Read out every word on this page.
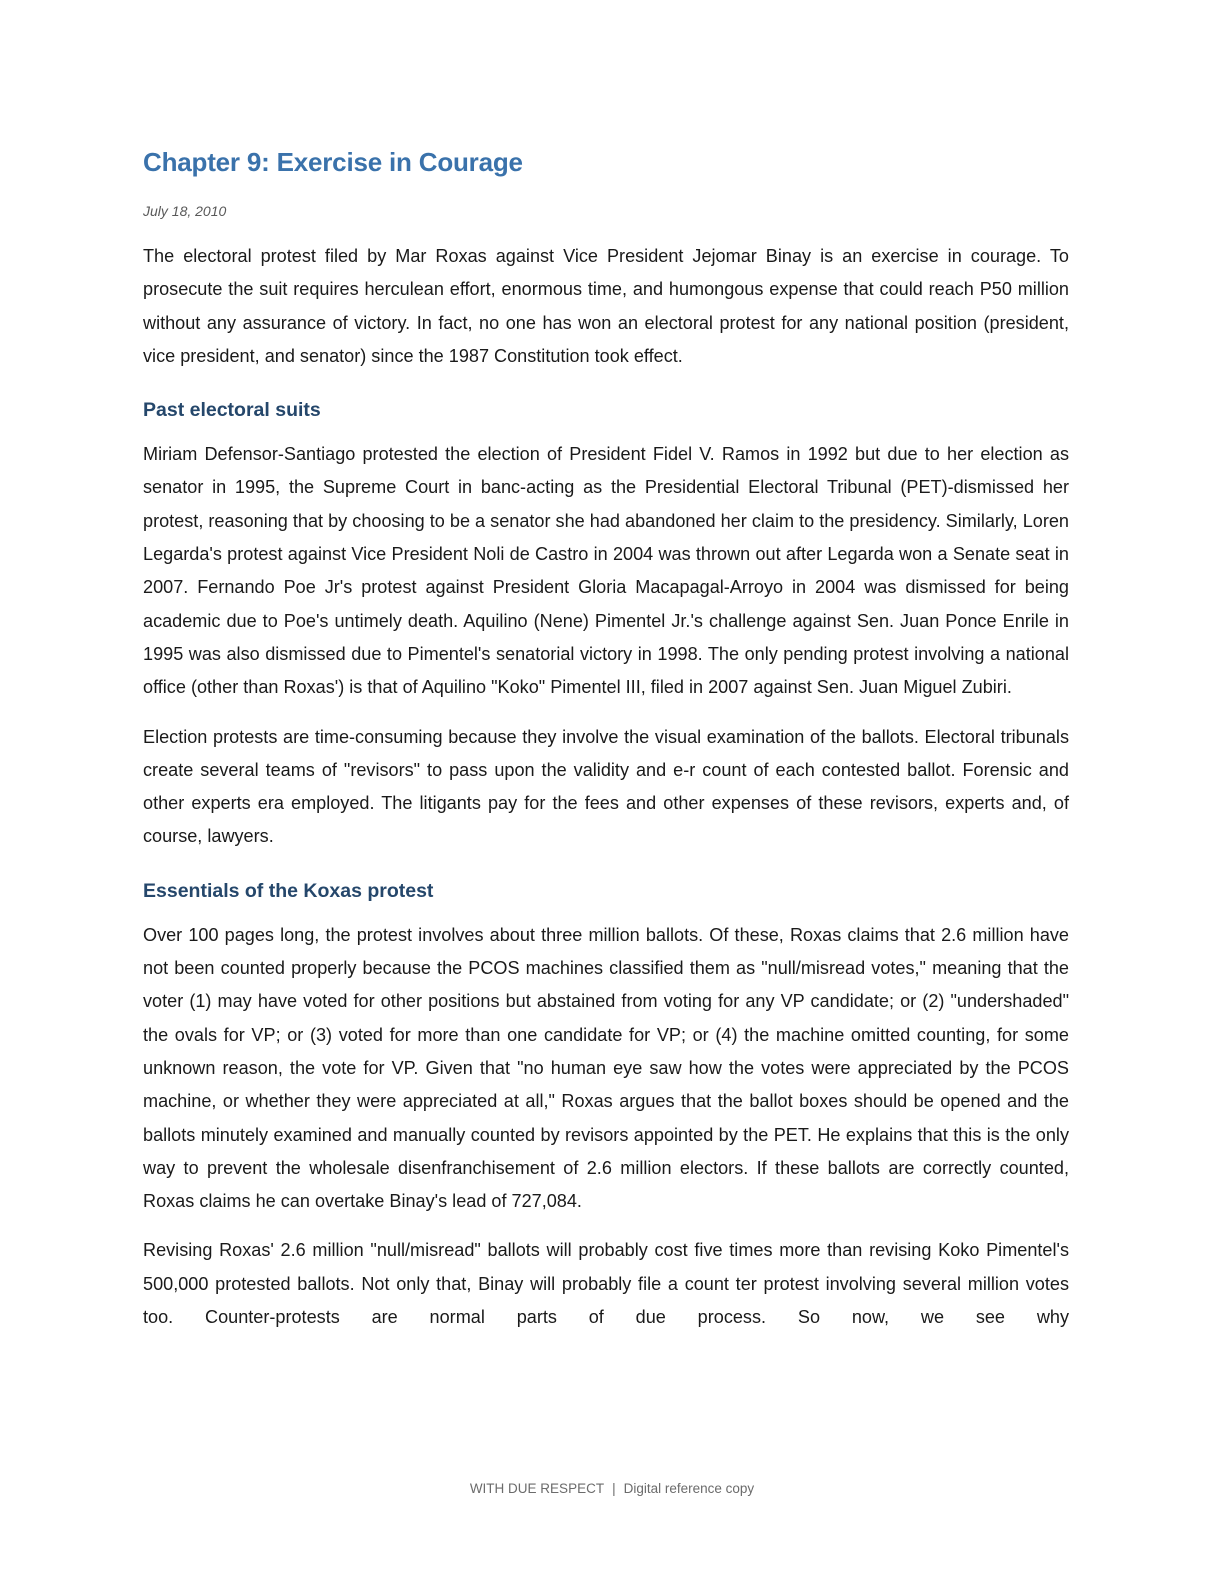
Chapter 9: Exercise in Courage
July 18, 2010

The electoral protest filed by Mar Roxas against Vice President Jejomar Binay is an exercise in courage. To prosecute the suit requires herculean effort, enormous time, and humongous expense that could reach P50 million without any assurance of victory. In fact, no one has won an electoral protest for any national position (president, vice president, and senator) since the 1987 Constitution took effect.

Past electoral suits

Miriam Defensor-Santiago protested the election of President Fidel V. Ramos in 1992 but due to her election as senator in 1995, the Supreme Court in banc-acting as the Presidential Electoral Tribunal (PET)-dismissed her protest, reasoning that by choosing to be a senator she had abandoned her claim to the presidency. Similarly, Loren Legarda's protest against Vice President Noli de Castro in 2004 was thrown out after Legarda won a Senate seat in 2007. Fernando Poe Jr's protest against President Gloria Macapagal-Arroyo in 2004 was dismissed for being academic due to Poe's untimely death. Aquilino (Nene) Pimentel Jr.'s challenge against Sen. Juan Ponce Enrile in 1995 was also dismissed due to Pimentel's senatorial victory in 1998. The only pending protest involving a national office (other than Roxas') is that of Aquilino "Koko" Pimentel III, filed in 2007 against Sen. Juan Miguel Zubiri.

Election protests are time-consuming because they involve the visual examination of the ballots. Electoral tribunals create several teams of "revisors" to pass upon the validity and e-r count of each contested ballot. Forensic and other experts era employed. The litigants pay for the fees and other expenses of these revisors, experts and, of course, lawyers.

Essentials of the Koxas protest

Over 100 pages long, the protest involves about three million ballots. Of these, Roxas claims that 2.6 million have not been counted properly because the PCOS machines classified them as "null/misread votes," meaning that the voter (1) may have voted for other positions but abstained from voting for any VP candidate; or (2) "undershaded" the ovals for VP; or (3) voted for more than one candidate for VP; or (4) the machine omitted counting, for some unknown reason, the vote for VP. Given that "no human eye saw how the votes were appreciated by the PCOS machine, or whether they were appreciated at all," Roxas argues that the ballot boxes should be opened and the ballots minutely examined and manually counted by revisors appointed by the PET. He explains that this is the only way to prevent the wholesale disenfranchisement of 2.6 million electors. If these ballots are correctly counted, Roxas claims he can overtake Binay's lead of 727,084.

Revising Roxas' 2.6 million "null/misread" ballots will probably cost five times more than revising Koko Pimentel's 500,000 protested ballots. Not only that, Binay will probably file a count ter protest involving several million votes too. Counter-protests are normal parts of due process. So now, we see why

WITH DUE RESPECT | Digital reference copy
